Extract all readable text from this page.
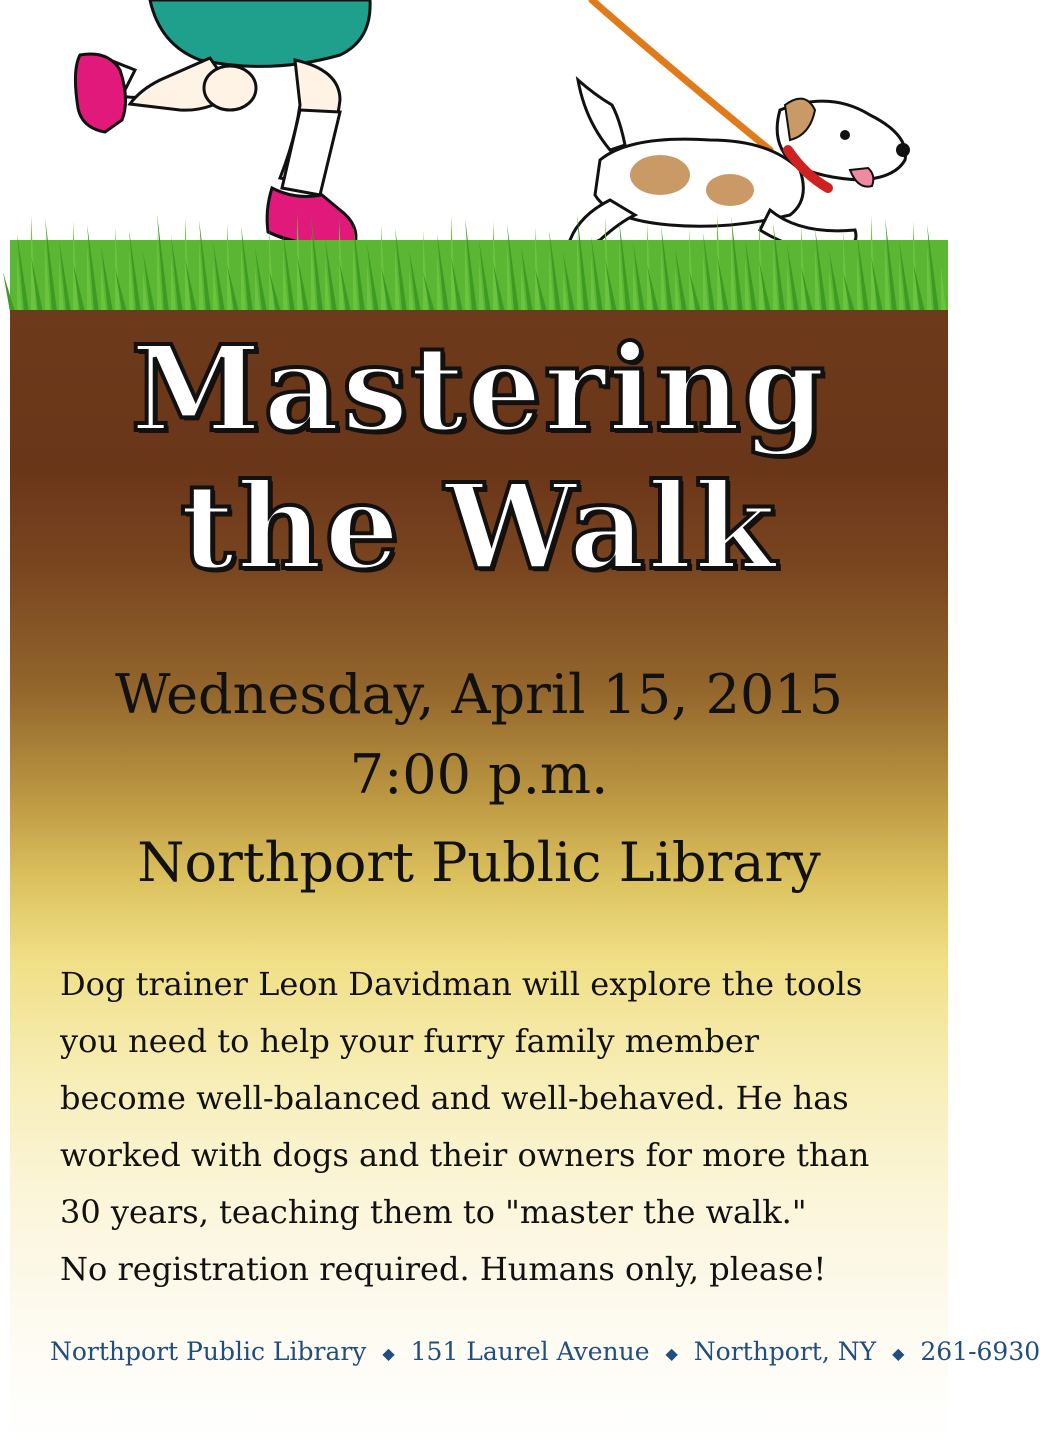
Mastering
the Walk
Wednesday, April 15, 2015
7:00 p.m.
Northport Public Library
Dog trainer Leon Davidman will explore the tools
you need to help your furry family member
become well-balanced and well-behaved. He has
worked with dogs and their owners for more than
30 years, teaching them to "master the walk."
No registration required. Humans only, please!
Northport Public Library ◆ 151 Laurel Avenue ◆ Northport, NY ◆ 261-6930
